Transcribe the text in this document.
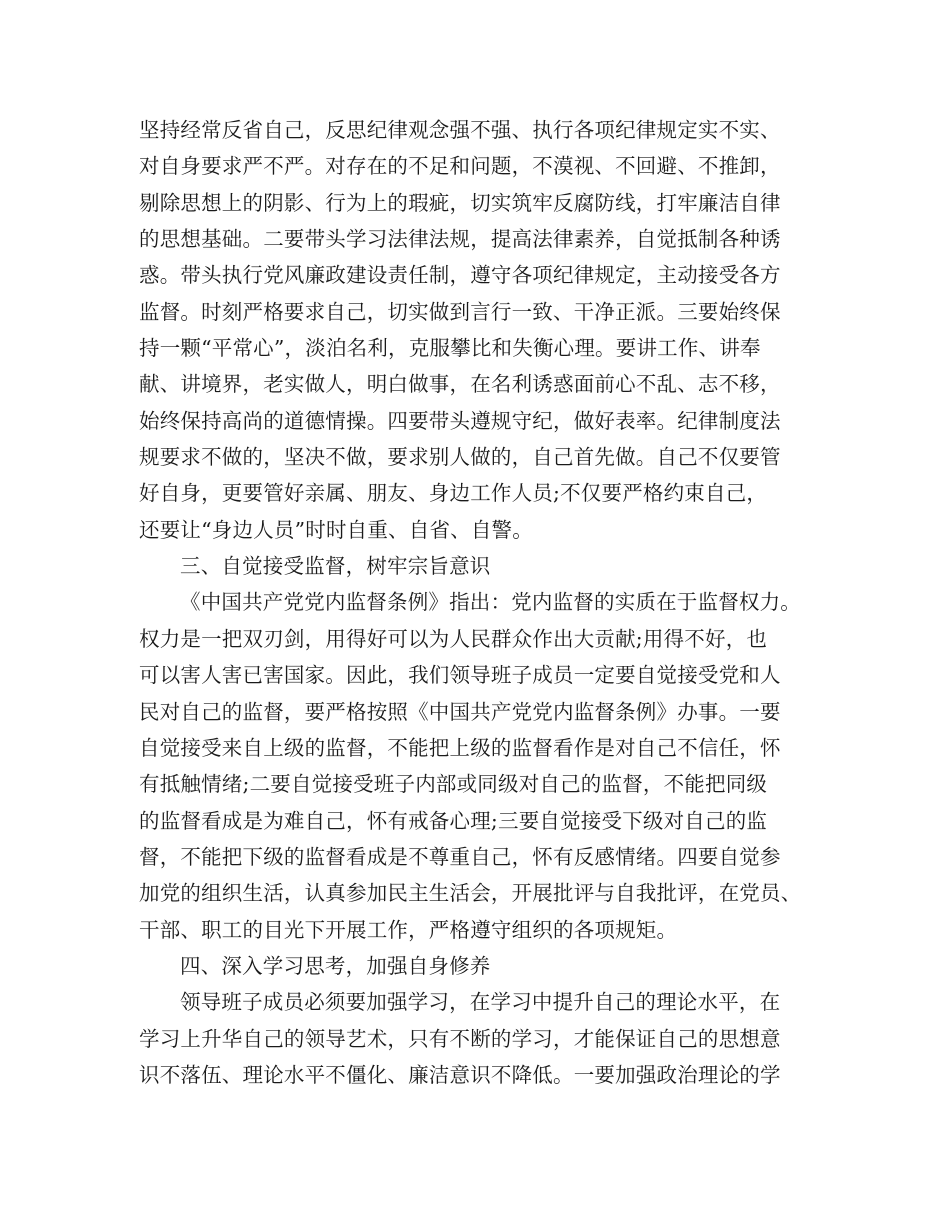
坚持经常反省自己，反思纪律观念强不强、执行各项纪律规定实不实、
对自身要求严不严。对存在的不足和问题，不漠视、不回避、不推卸，
剔除思想上的阴影、行为上的瑕疵，切实筑牢反腐防线，打牢廉洁自律
的思想基础。二要带头学习法律法规，提高法律素养，自觉抵制各种诱
惑。带头执行党风廉政建设责任制，遵守各项纪律规定，主动接受各方
监督。时刻严格要求自己，切实做到言行一致、干净正派。三要始终保
持一颗“平常心”，淡泊名利，克服攀比和失衡心理。要讲工作、讲奉
献、讲境界，老实做人，明白做事，在名利诱惑面前心不乱、志不移，
始终保持高尚的道德情操。四要带头遵规守纪，做好表率。纪律制度法
规要求不做的，坚决不做，要求别人做的，自己首先做。自己不仅要管
好自身，更要管好亲属、朋友、身边工作人员;不仅要严格约束自己，
还要让“身边人员”时时自重、自省、自警。
三、自觉接受监督，树牢宗旨意识
《中国共产党党内监督条例》指出：党内监督的实质在于监督权力。
权力是一把双刃剑，用得好可以为人民群众作出大贡献;用得不好，也
可以害人害已害国家。因此，我们领导班子成员一定要自觉接受党和人
民对自己的监督，要严格按照《中国共产党党内监督条例》办事。一要
自觉接受来自上级的监督，不能把上级的监督看作是对自己不信任，怀
有抵触情绪;二要自觉接受班子内部或同级对自己的监督，不能把同级
的监督看成是为难自己，怀有戒备心理;三要自觉接受下级对自己的监
督，不能把下级的监督看成是不尊重自己，怀有反感情绪。四要自觉参
加党的组织生活，认真参加民主生活会，开展批评与自我批评，在党员、
干部、职工的目光下开展工作，严格遵守组织的各项规矩。
四、深入学习思考，加强自身修养
领导班子成员必须要加强学习，在学习中提升自己的理论水平，在
学习上升华自己的领导艺术，只有不断的学习，才能保证自己的思想意
识不落伍、理论水平不僵化、廉洁意识不降低。一要加强政治理论的学
